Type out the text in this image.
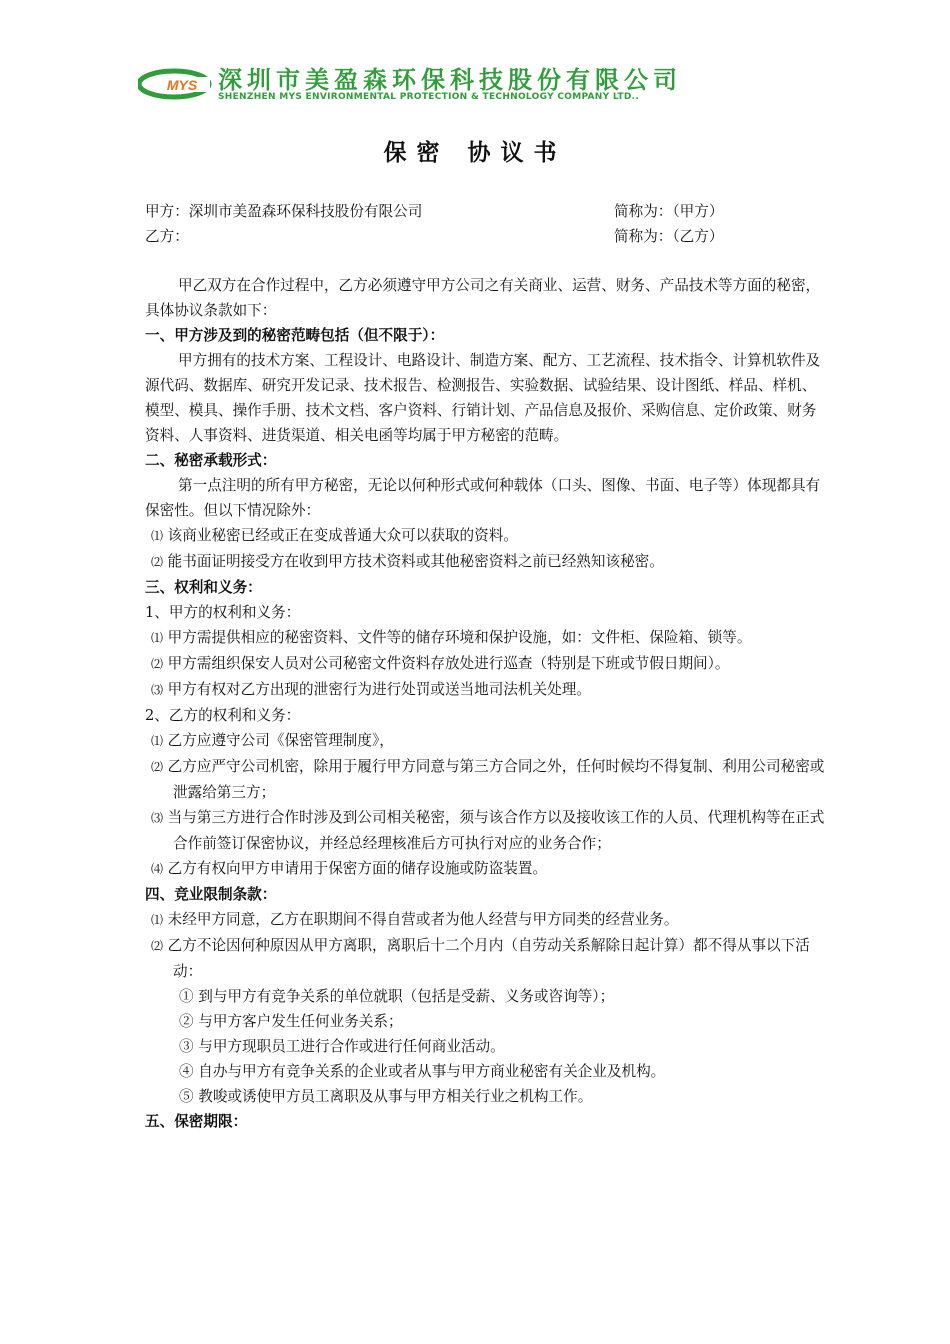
MYS 深圳市美盈森环保科技股份有限公司
SHENZHEN MYS ENVIRONMENTAL PROTECTION & TECHNOLOGY COMPANY LTD..
保密 协议书
甲方：深圳市美盈森环保科技股份有限公司	简称为：（甲方）
乙方：	简称为：（乙方）
甲乙双方在合作过程中，乙方必须遵守甲方公司之有关商业、运营、财务、产品技术等方面的秘密，具体协议条款如下：
一、甲方涉及到的秘密范畴包括（但不限于）：
甲方拥有的技术方案、工程设计、电路设计、制造方案、配方、工艺流程、技术指令、计算机软件及源代码、数据库、研究开发记录、技术报告、检测报告、实验数据、试验结果、设计图纸、样品、样机、模型、模具、操作手册、技术文档、客户资料、行销计划、产品信息及报价、采购信息、定价政策、财务资料、人事资料、进货渠道、相关电函等均属于甲方秘密的范畴。
二、秘密承载形式：
第一点注明的所有甲方秘密，无论以何种形式或何种载体（口头、图像、书面、电子等）体现都具有保密性。但以下情况除外：
⑴ 该商业秘密已经或正在变成普通大众可以获取的资料。
⑵ 能书面证明接受方在收到甲方技术资料或其他秘密资料之前已经熟知该秘密。
三、权利和义务：
1、甲方的权利和义务：
⑴ 甲方需提供相应的秘密资料、文件等的储存环境和保护设施，如：文件柜、保险箱、锁等。
⑵ 甲方需组织保安人员对公司秘密文件资料存放处进行巡查（特别是下班或节假日期间）。
⑶ 甲方有权对乙方出现的泄密行为进行处罚或送当地司法机关处理。
2、乙方的权利和义务：
⑴ 乙方应遵守公司《保密管理制度》，
⑵ 乙方应严守公司机密，除用于履行甲方同意与第三方合同之外，任何时候均不得复制、利用公司秘密或泄露给第三方；
⑶ 当与第三方进行合作时涉及到公司相关秘密，须与该合作方以及接收该工作的人员、代理机构等在正式合作前签订保密协议，并经总经理核准后方可执行对应的业务合作；
⑷ 乙方有权向甲方申请用于保密方面的储存设施或防盗装置。
四、竞业限制条款：
⑴ 未经甲方同意，乙方在职期间不得自营或者为他人经营与甲方同类的经营业务。
⑵ 乙方不论因何种原因从甲方离职，离职后十二个月内（自劳动关系解除日起计算）都不得从事以下活动：
① 到与甲方有竞争关系的单位就职（包括是受薪、义务或咨询等）；
② 与甲方客户发生任何业务关系；
③ 与甲方现职员工进行合作或进行任何商业活动。
④ 自办与甲方有竞争关系的企业或者从事与甲方商业秘密有关企业及机构。
⑤ 教唆或诱使甲方员工离职及从事与甲方相关行业之机构工作。
五、保密期限：
